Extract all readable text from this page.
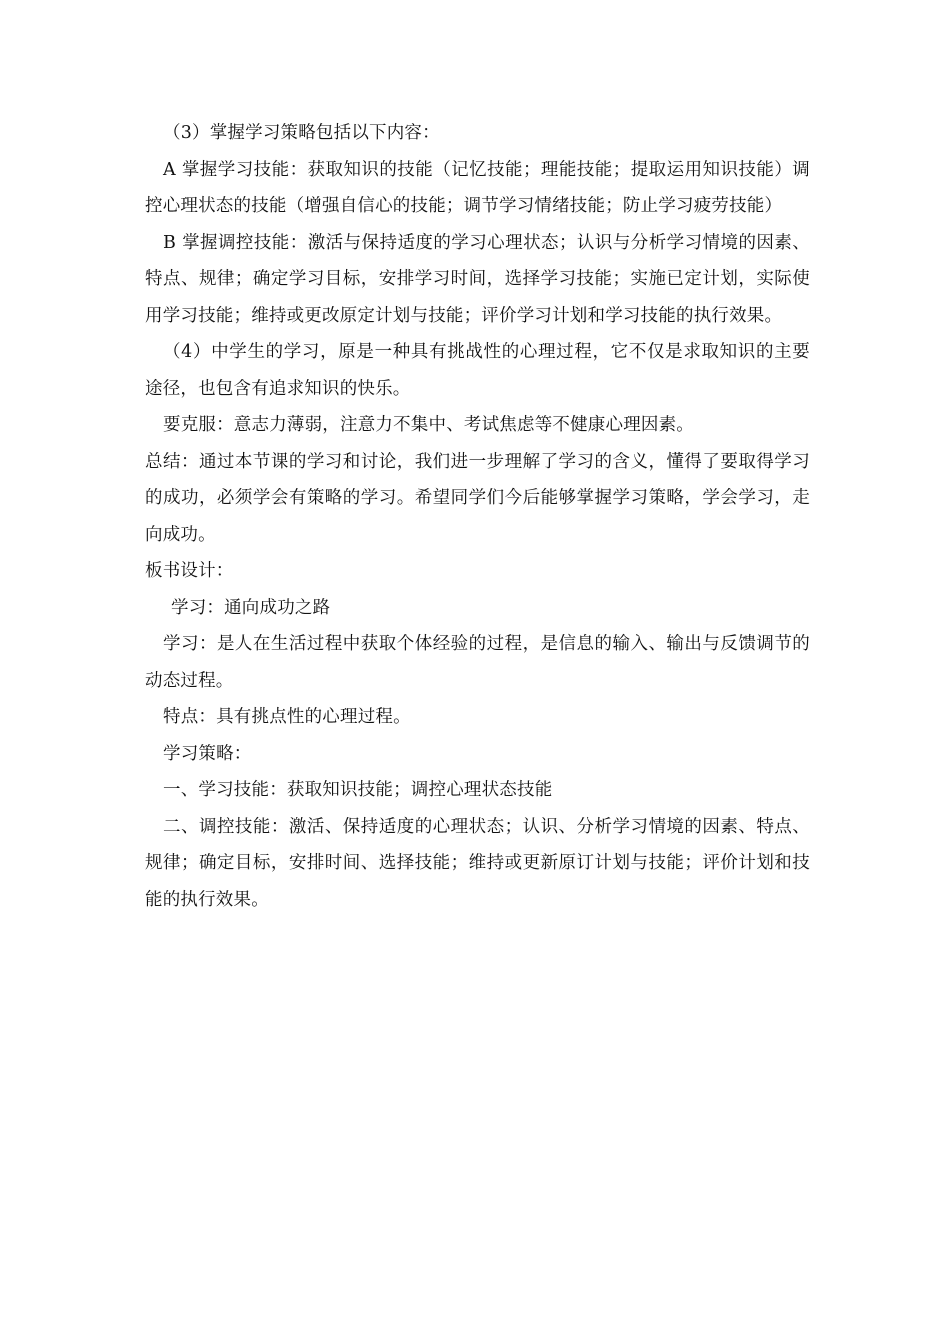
（3）掌握学习策略包括以下内容：

A 掌握学习技能：获取知识的技能（记忆技能；理能技能；提取运用知识技能）调控心理状态的技能（增强自信心的技能；调节学习情绪技能；防止学习疲劳技能）

B 掌握调控技能：激活与保持适度的学习心理状态；认识与分析学习情境的因素、特点、规律；确定学习目标，安排学习时间，选择学习技能；实施已定计划，实际使用学习技能；维持或更改原定计划与技能；评价学习计划和学习技能的执行效果。

（4）中学生的学习，原是一种具有挑战性的心理过程，它不仅是求取知识的主要途径，也包含有追求知识的快乐。

要克服：意志力薄弱，注意力不集中、考试焦虑等不健康心理因素。

总结：通过本节课的学习和讨论，我们进一步理解了学习的含义，懂得了要取得学习的成功，必须学会有策略的学习。希望同学们今后能够掌握学习策略，学会学习，走向成功。

板书设计：

学习：通向成功之路

学习：是人在生活过程中获取个体经验的过程，是信息的输入、输出与反馈调节的动态过程。

特点：具有挑点性的心理过程。

学习策略：

一、学习技能：获取知识技能；调控心理状态技能

二、调控技能：激活、保持适度的心理状态；认识、分析学习情境的因素、特点、规律；确定目标，安排时间、选择技能；维持或更新原订计划与技能；评价计划和技能的执行效果。
